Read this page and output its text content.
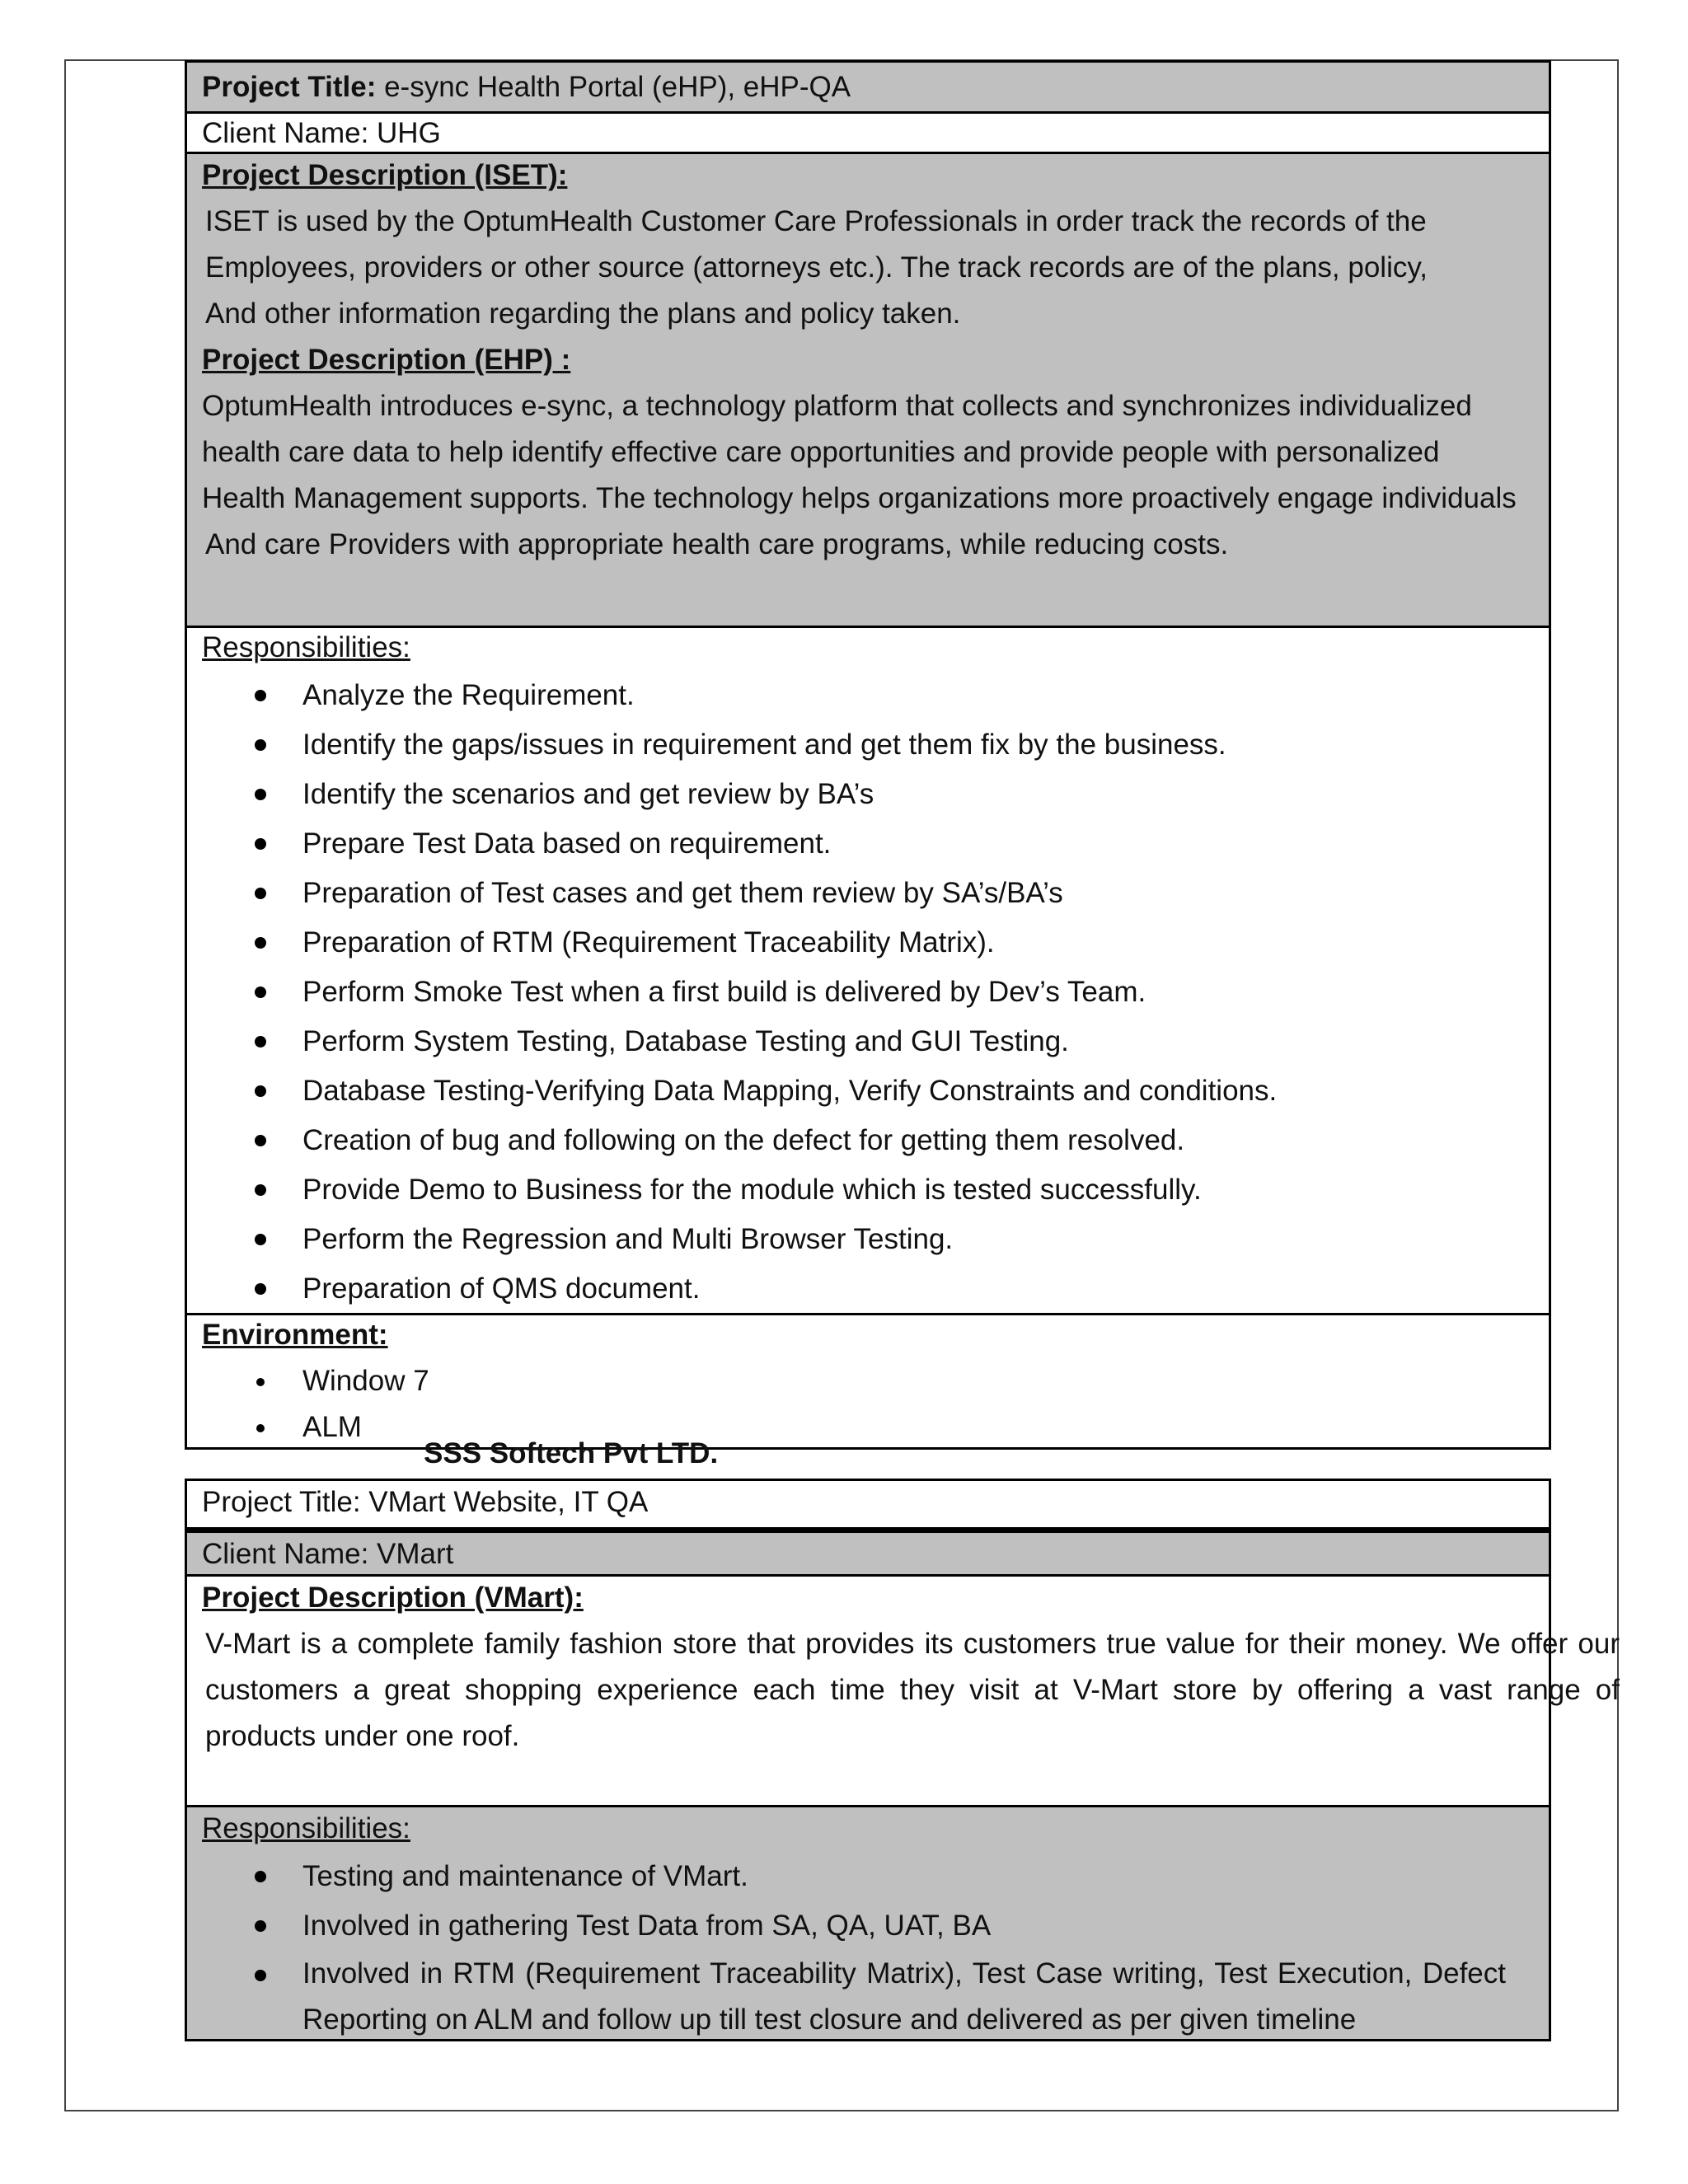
Project Title: e-sync Health Portal (eHP), eHP-QA
Client Name: UHG
Project Description (ISET):
ISET is used by the OptumHealth Customer Care Professionals in order track the records of the
Employees, providers or other source (attorneys etc.). The track records are of the plans, policy,
And other information regarding the plans and policy taken.
Project Description (EHP) :
OptumHealth introduces e-sync, a technology platform that collects and synchronizes individualized
health care data to help identify effective care opportunities and provide people with personalized
Health Management supports. The technology helps organizations more proactively engage individuals
And care Providers with appropriate health care programs, while reducing costs.
Responsibilities:
Analyze the Requirement.
Identify the gaps/issues in requirement and get them fix by the business.
Identify the scenarios and get review by BA’s
Prepare Test Data based on requirement.
Preparation of Test cases and get them review by SA’s/BA’s
Preparation of RTM (Requirement Traceability Matrix).
Perform Smoke Test when a first build is delivered by Dev’s Team.
Perform System Testing, Database Testing and GUI Testing.
Database Testing-Verifying Data Mapping, Verify Constraints and conditions.
Creation of bug and following on the defect for getting them resolved.
Provide Demo to Business for the module which is tested successfully.
Perform the Regression and Multi Browser Testing.
Preparation of QMS document.
Environment:
Window 7
ALM
SSS Softech Pvt LTD.
Project Title: VMart Website, IT QA
Client Name: VMart
Project Description (VMart):
V-Mart is a complete family fashion store that provides its customers true value for their money. We offer our customers a great shopping experience each time they visit at V-Mart store by offering a vast range of products under one roof.
Responsibilities:
Testing and maintenance of VMart.
Involved in gathering Test Data from SA, QA, UAT, BA
Involved in RTM (Requirement Traceability Matrix), Test Case writing, Test Execution, Defect Reporting on ALM and follow up till test closure and delivered as per given timeline
